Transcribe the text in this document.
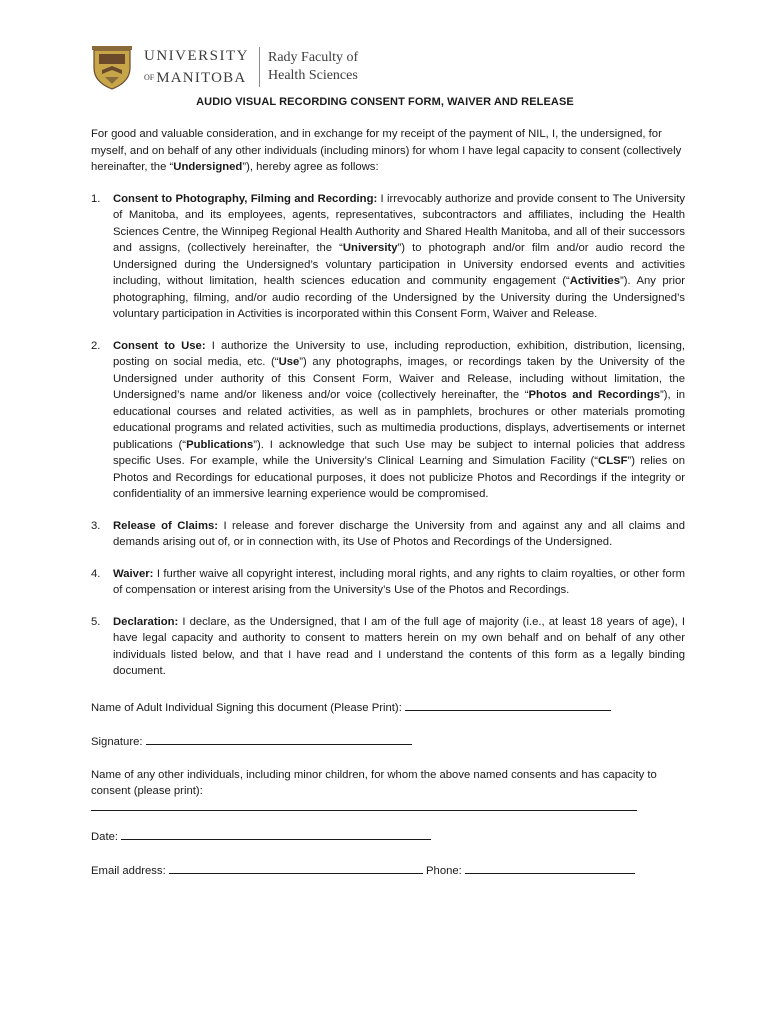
UNIVERSITY
OF MANITOBA
Rady Faculty of
Health Sciences
AUDIO VISUAL RECORDING CONSENT FORM, WAIVER AND RELEASE

For good and valuable consideration, and in exchange for my receipt of the payment of NIL, I, the undersigned, for myself, and on behalf of any other individuals (including minors) for whom I have legal capacity to consent (collectively hereinafter, the “Undersigned”), hereby agree as follows:

1. Consent to Photography, Filming and Recording: I irrevocably authorize and provide consent to The University of Manitoba, and its employees, agents, representatives, subcontractors and affiliates, including the Health Sciences Centre, the Winnipeg Regional Health Authority and Shared Health Manitoba, and all of their successors and assigns, (collectively hereinafter, the “University”) to photograph and/or film and/or audio record the Undersigned during the Undersigned’s voluntary participation in University endorsed events and activities including, without limitation, health sciences education and community engagement (“Activities”). Any prior photographing, filming, and/or audio recording of the Undersigned by the University during the Undersigned’s voluntary participation in Activities is incorporated within this Consent Form, Waiver and Release.
2. Consent to Use: I authorize the University to use, including reproduction, exhibition, distribution, licensing, posting on social media, etc. (“Use”) any photographs, images, or recordings taken by the University of the Undersigned under authority of this Consent Form, Waiver and Release, including without limitation, the Undersigned’s name and/or likeness and/or voice (collectively hereinafter, the “Photos and Recordings”), in educational courses and related activities, as well as in pamphlets, brochures or other materials promoting educational programs and related activities, such as multimedia productions, displays, advertisements or internet publications (“Publications”). I acknowledge that such Use may be subject to internal policies that address specific Uses. For example, while the University’s Clinical Learning and Simulation Facility (“CLSF”) relies on Photos and Recordings for educational purposes, it does not publicize Photos and Recordings if the integrity or confidentiality of an immersive learning experience would be compromised.
3. Release of Claims: I release and forever discharge the University from and against any and all claims and demands arising out of, or in connection with, its Use of Photos and Recordings of the Undersigned.
4. Waiver: I further waive all copyright interest, including moral rights, and any rights to claim royalties, or other form of compensation or interest arising from the University’s Use of the Photos and Recordings.
5. Declaration: I declare, as the Undersigned, that I am of the full age of majority (i.e., at least 18 years of age), I have legal capacity and authority to consent to matters herein on my own behalf and on behalf of any other individuals listed below, and that I have read and I understand the contents of this form as a legally binding document.
Name of Adult Individual Signing this document (Please Print):
Signature:
Name of any other individuals, including minor children, for whom the above named consents and has capacity to consent (please print):
Date:
Email address:	Phone:
